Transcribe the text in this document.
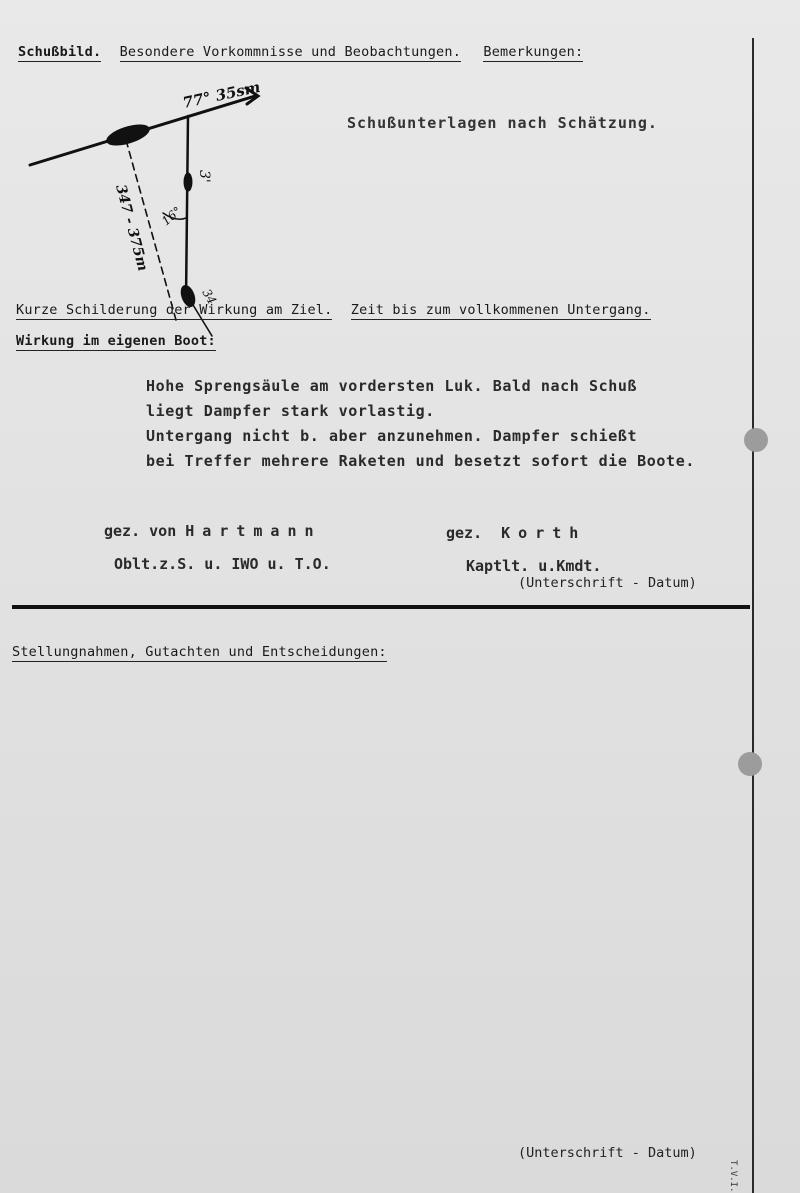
Schußbild. Besondere Vorkommnisse und Beobachtungen. Bemerkungen:
77° 35sm
3'
347 - 375m 16°
34
Schußunterlagen nach Schätzung.
Kurze Schilderung der Wirkung am Ziel. Zeit bis zum vollkommenen Untergang.
Wirkung im eigenen Boot:
Hohe Sprengsäule am vordersten Luk. Bald nach Schuß
liegt Dampfer stark vorlastig.
Untergang nicht b. aber anzunehmen. Dampfer schießt
bei Treffer mehrere Raketen und besetzt sofort die Boote.
gez. von Hartmann
Oblt.z.S. u. IWO u. T.O.
gez. Korth
Kaptlt. u.Kmdt.
(Unterschrift - Datum)
Stellungnahmen, Gutachten und Entscheidungen:
(Unterschrift - Datum)
T.V.I.
